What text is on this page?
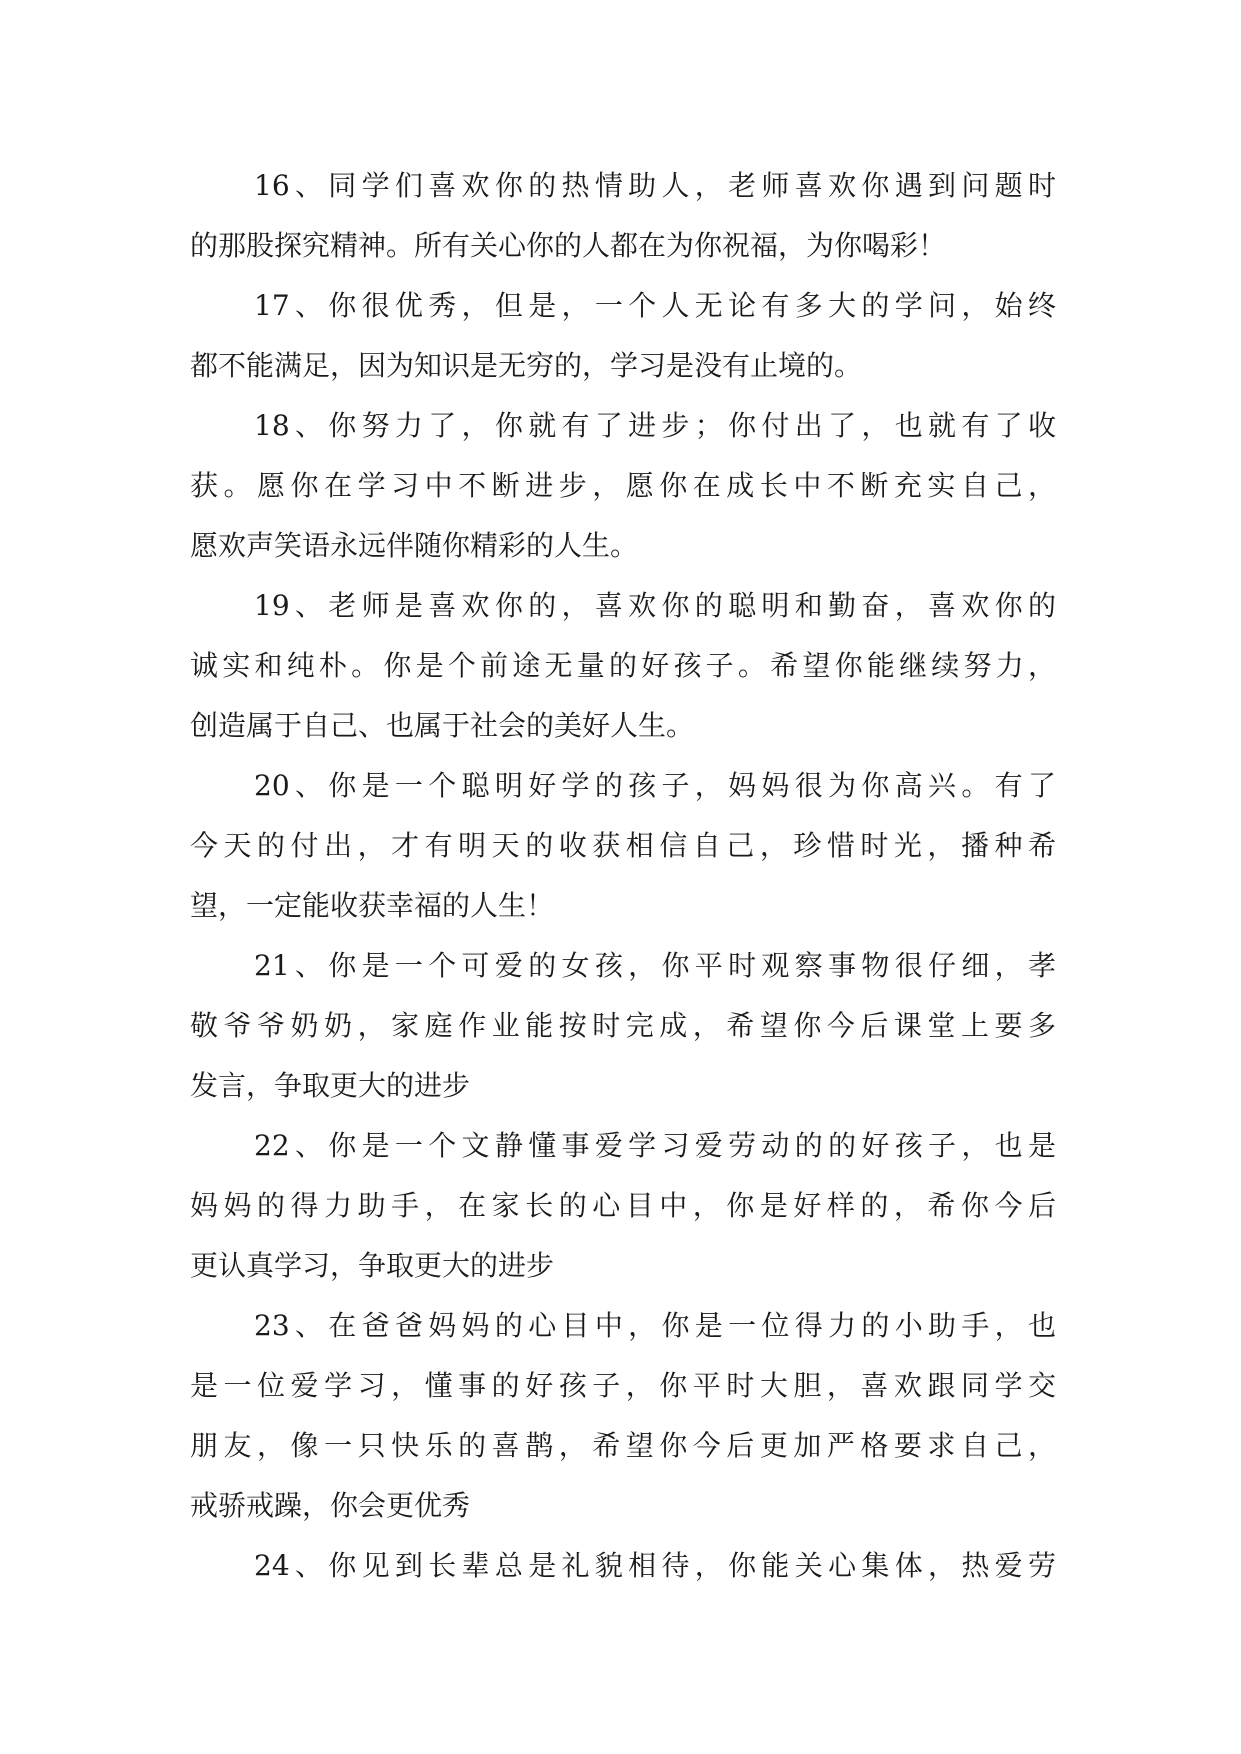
16、同学们喜欢你的热情助人，老师喜欢你遇到问题时
的那股探究精神。所有关心你的人都在为你祝福，为你喝彩！
17、你很优秀，但是，一个人无论有多大的学问，始终
都不能满足，因为知识是无穷的，学习是没有止境的。
18、你努力了，你就有了进步；你付出了，也就有了收
获。愿你在学习中不断进步，愿你在成长中不断充实自己，
愿欢声笑语永远伴随你精彩的人生。
19、老师是喜欢你的，喜欢你的聪明和勤奋，喜欢你的
诚实和纯朴。你是个前途无量的好孩子。希望你能继续努力，
创造属于自己、也属于社会的美好人生。
20、你是一个聪明好学的孩子，妈妈很为你高兴。有了
今天的付出，才有明天的收获相信自己，珍惜时光，播种希
望，一定能收获幸福的人生！
21、你是一个可爱的女孩，你平时观察事物很仔细，孝
敬爷爷奶奶，家庭作业能按时完成，希望你今后课堂上要多
发言，争取更大的进步
22、你是一个文静懂事爱学习爱劳动的的好孩子，也是
妈妈的得力助手，在家长的心目中，你是好样的，希你今后
更认真学习，争取更大的进步
23、在爸爸妈妈的心目中，你是一位得力的小助手，也
是一位爱学习，懂事的好孩子，你平时大胆，喜欢跟同学交
朋友，像一只快乐的喜鹊，希望你今后更加严格要求自己，
戒骄戒躁，你会更优秀
24、你见到长辈总是礼貌相待，你能关心集体，热爱劳
